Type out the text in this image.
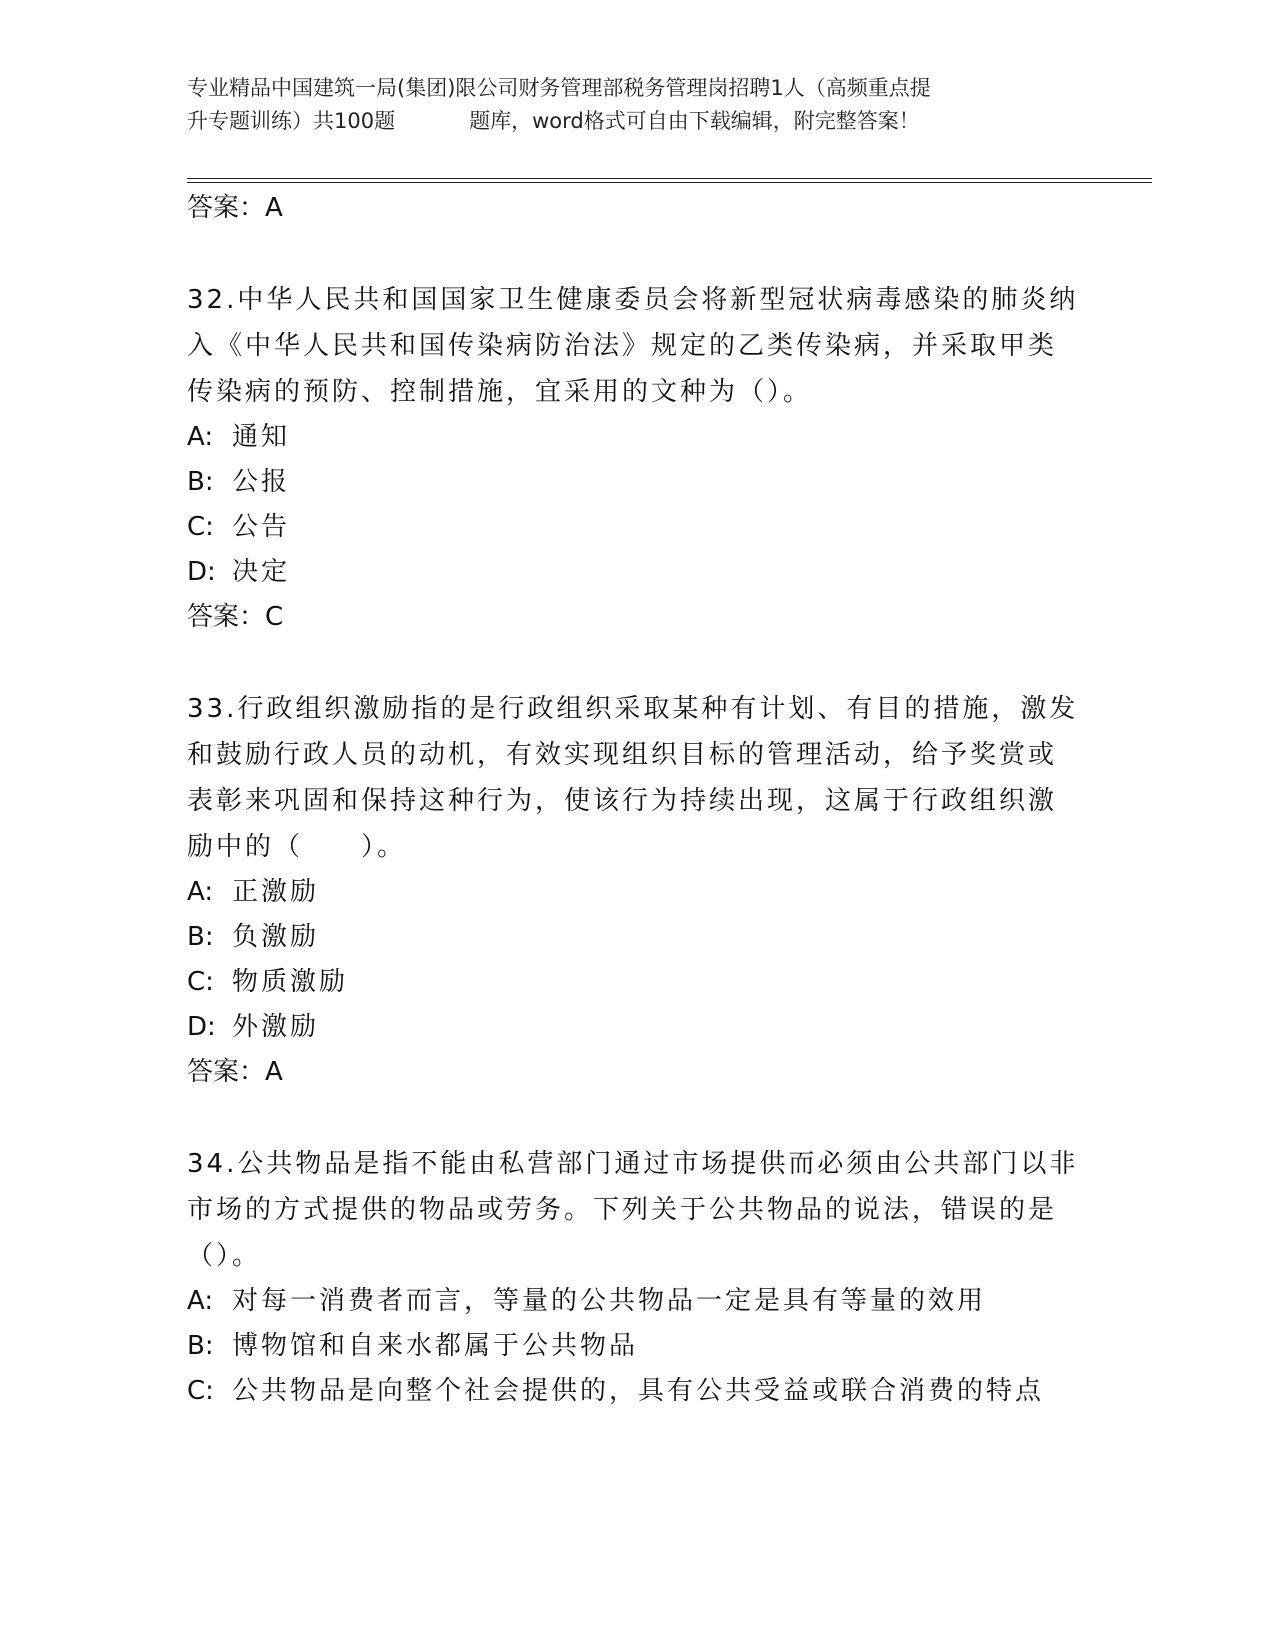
专业精品中国建筑一局(集团)限公司财务管理部税务管理岗招聘1人（高频重点提
升专题训练）共100题	题库，word格式可自由下载编辑，附完整答案！
答案：A
32.中华人民共和国国家卫生健康委员会将新型冠状病毒感染的肺炎纳
入《中华人民共和国传染病防治法》规定的乙类传染病，并采取甲类
传染病的预防、控制措施，宜采用的文种为（）。
A: 通知
B: 公报
C: 公告
D: 决定
答案：C
33.行政组织激励指的是行政组织采取某种有计划、有目的措施，激发
和鼓励行政人员的动机，有效实现组织目标的管理活动，给予奖赏或
表彰来巩固和保持这种行为，使该行为持续出现，这属于行政组织激
励中的（　　）。
A: 正激励
B: 负激励
C: 物质激励
D: 外激励
答案：A
34.公共物品是指不能由私营部门通过市场提供而必须由公共部门以非
市场的方式提供的物品或劳务。下列关于公共物品的说法，错误的是
（）。
A: 对每一消费者而言，等量的公共物品一定是具有等量的效用
B: 博物馆和自来水都属于公共物品
C: 公共物品是向整个社会提供的，具有公共受益或联合消费的特点
